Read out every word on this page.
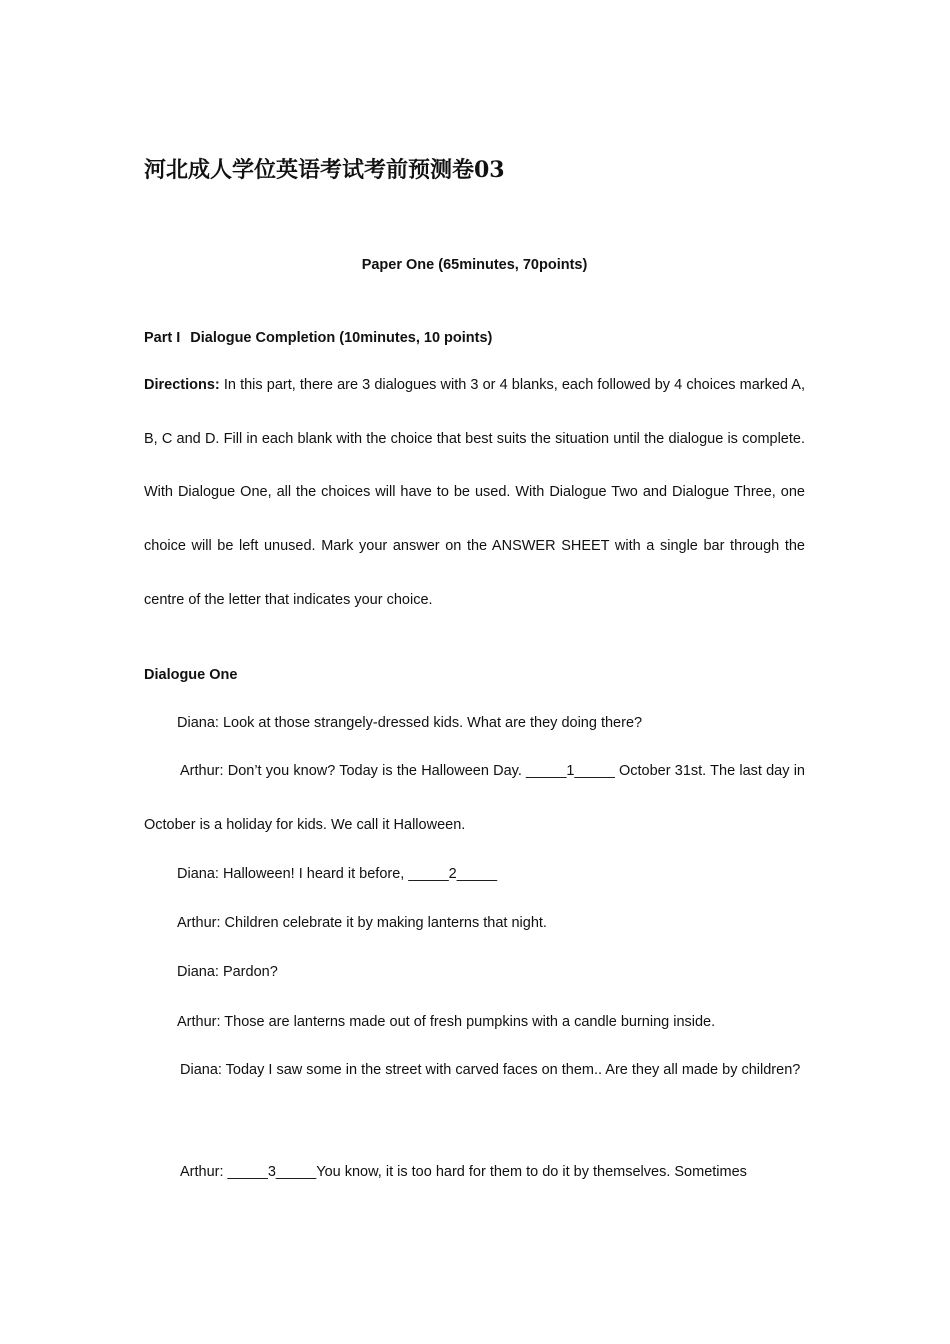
河北成人学位英语考试考前预测卷03

Paper One (65minutes, 70points)

Part I Dialogue Completion (10minutes, 10 points)

Directions: In this part, there are 3 dialogues with 3 or 4 blanks, each followed by 4 choices marked A, B, C and D. Fill in each blank with the choice that best suits the situation until the dialogue is complete. With Dialogue One, all the choices will have to be used. With Dialogue Two and Dialogue Three, one choice will be left unused. Mark your answer on the ANSWER SHEET with a single bar through the centre of the letter that indicates your choice.

Dialogue One

Diana: Look at those strangely-dressed kids. What are they doing there?

Arthur: Don’t you know? Today is the Halloween Day. _____1_____ October 31st. The last day in October is a holiday for kids. We call it Halloween.

Diana: Halloween! I heard it before, _____2_____

Arthur: Children celebrate it by making lanterns that night.

Diana: Pardon?

Arthur: Those are lanterns made out of fresh pumpkins with a candle burning inside.

Diana: Today I saw some in the street with carved faces on them.. Are they all made by children?

Arthur: _____3_____You know, it is too hard for them to do it by themselves. Sometimes
